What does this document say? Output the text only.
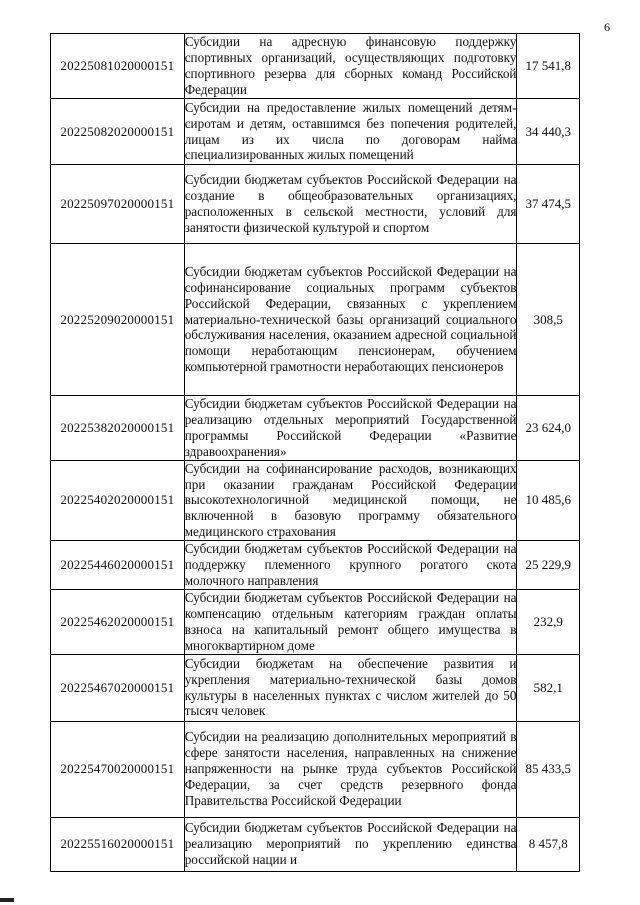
6
20225081020000151	Субсидии на адресную финансовую поддержку спортивных организаций, осуществляющих подготовку спортивного резерва для сборных команд Российской Федерации	17 541,8
20225082020000151	Субсидии на предоставление жилых помещений детям-сиротам и детям, оставшимся без попечения родителей, лицам из их числа по договорам найма специализированных жилых помещений	34 440,3
20225097020000151	Субсидии бюджетам субъектов Российской Федерации на создание в общеобразовательных организациях, расположенных в сельской местности, условий для занятости физической культурой и спортом	37 474,5
20225209020000151	Субсидии бюджетам субъектов Российской Федерации на софинансирование социальных программ субъектов Российской Федерации, связанных с укреплением материально-технической базы организаций социального обслуживания населения, оказанием адресной социальной помощи неработающим пенсионерам, обучением компьютерной грамотности неработающих пенсионеров	308,5
20225382020000151	Субсидии бюджетам субъектов Российской Федерации на реализацию отдельных мероприятий Государственной программы Российской Федерации «Развитие здравоохранения»	23 624,0
20225402020000151	Субсидии на софинансирование расходов, возникающих при оказании гражданам Российской Федерации высокотехнологичной медицинской помощи, не включенной в базовую программу обязательного медицинского страхования	10 485,6
20225446020000151	Субсидии бюджетам субъектов Российской Федерации на поддержку племенного крупного рогатого скота молочного направления	25 229,9
20225462020000151	Субсидии бюджетам субъектов Российской Федерации на компенсацию отдельным категориям граждан оплаты взноса на капитальный ремонт общего имущества в многоквартирном доме	232,9
20225467020000151	Субсидии бюджетам на обеспечение развития и укрепления материально-технической базы домов культуры в населенных пунктах с числом жителей до 50 тысяч человек	582,1
20225470020000151	Субсидии на реализацию дополнительных мероприятий в сфере занятости населения, направленных на снижение напряженности на рынке труда субъектов Российской Федерации, за счет средств резервного фонда Правительства Российской Федерации	85 433,5
20225516020000151	Субсидии бюджетам субъектов Российской Федерации на реализацию мероприятий по укреплению единства российской нации и	8 457,8
